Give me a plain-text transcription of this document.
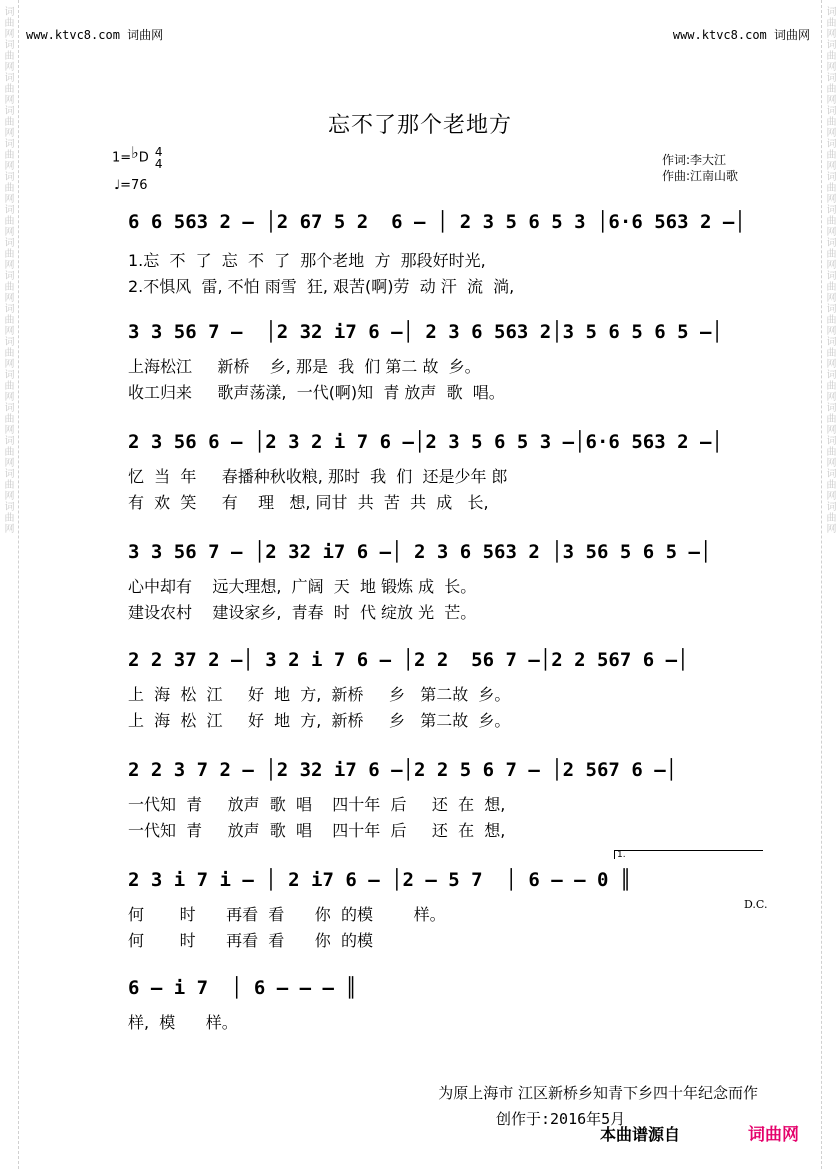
词曲网词曲网词曲网词曲网词曲网词曲网词曲网词曲网词曲网词曲网词曲网词曲网词曲网词曲网词曲网词曲网	词曲网词曲网词曲网词曲网词曲网词曲网词曲网词曲网词曲网词曲网词曲网词曲网词曲网词曲网词曲网词曲网
www.ktvc8.com 词曲网	www.ktvc8.com 词曲网
忘不了那个老地方
1=♭D 4
4
♩=76
作词:李大江
作曲:江南山歌
6 6 563 2 – │2 67 5 2  6 – │ 2 3 5 6 5 3 │6·6 563 2 –│
1.忘  不  了  忘  不  了  那个老地  方  那段好时光,
2.不惧风  雷, 不怕 雨雪  狂, 艰苦(啊)劳  动 汗  流  淌,
3 3 56 7 –  │2 32 i7 6 –│ 2 3 6 563 2│3 5 6 5 6 5 –│
上海松江     新桥    乡, 那是  我  们 第二 故  乡。
收工归来     歌声荡漾,  一代(啊)知  青 放声  歌  唱。
2 3 56 6 – │2 3 2 i 7 6 –│2 3 5 6 5 3 –│6·6 563 2 –│
忆  当  年     春播种秋收粮, 那时  我  们  还是少年 郎
有  欢  笑     有    理   想, 同甘  共  苦  共  成   长,
3 3 56 7 – │2 32 i7 6 –│ 2 3 6 563 2 │3 56 5 6 5 –│
心中却有    远大理想,  广阔  天  地 锻炼 成  长。
建设农村    建设家乡,  青春  时  代 绽放 光  芒。
2 2 37 2 –│ 3 2 i 7 6 – │2 2  56 7 –│2 2 567 6 –│
上  海  松  江     好  地  方,  新桥     乡   第二故  乡。
上  海  松  江     好  地  方,  新桥     乡   第二故  乡。
2 2 3 7 2 – │2 32 i7 6 –│2 2 5 6 7 – │2 567 6 –│
一代知  青     放声  歌  唱    四十年  后     还  在  想,
一代知  青     放声  歌  唱    四十年  后     还  在  想,
1.
2 3 i 7 i – │ 2 i7 6 – │2 – 5 7  │ 6 – – 0 ║
何       时      再看  看      你  的模        样。
何       时      再看  看      你  的模
D.C.
6 – i 7  │ 6 – – – ║
样,  模      样。
为原上海市 江区新桥乡知青下乡四十年纪念而作
创作于:2016年5月
本曲谱源自	词曲网
